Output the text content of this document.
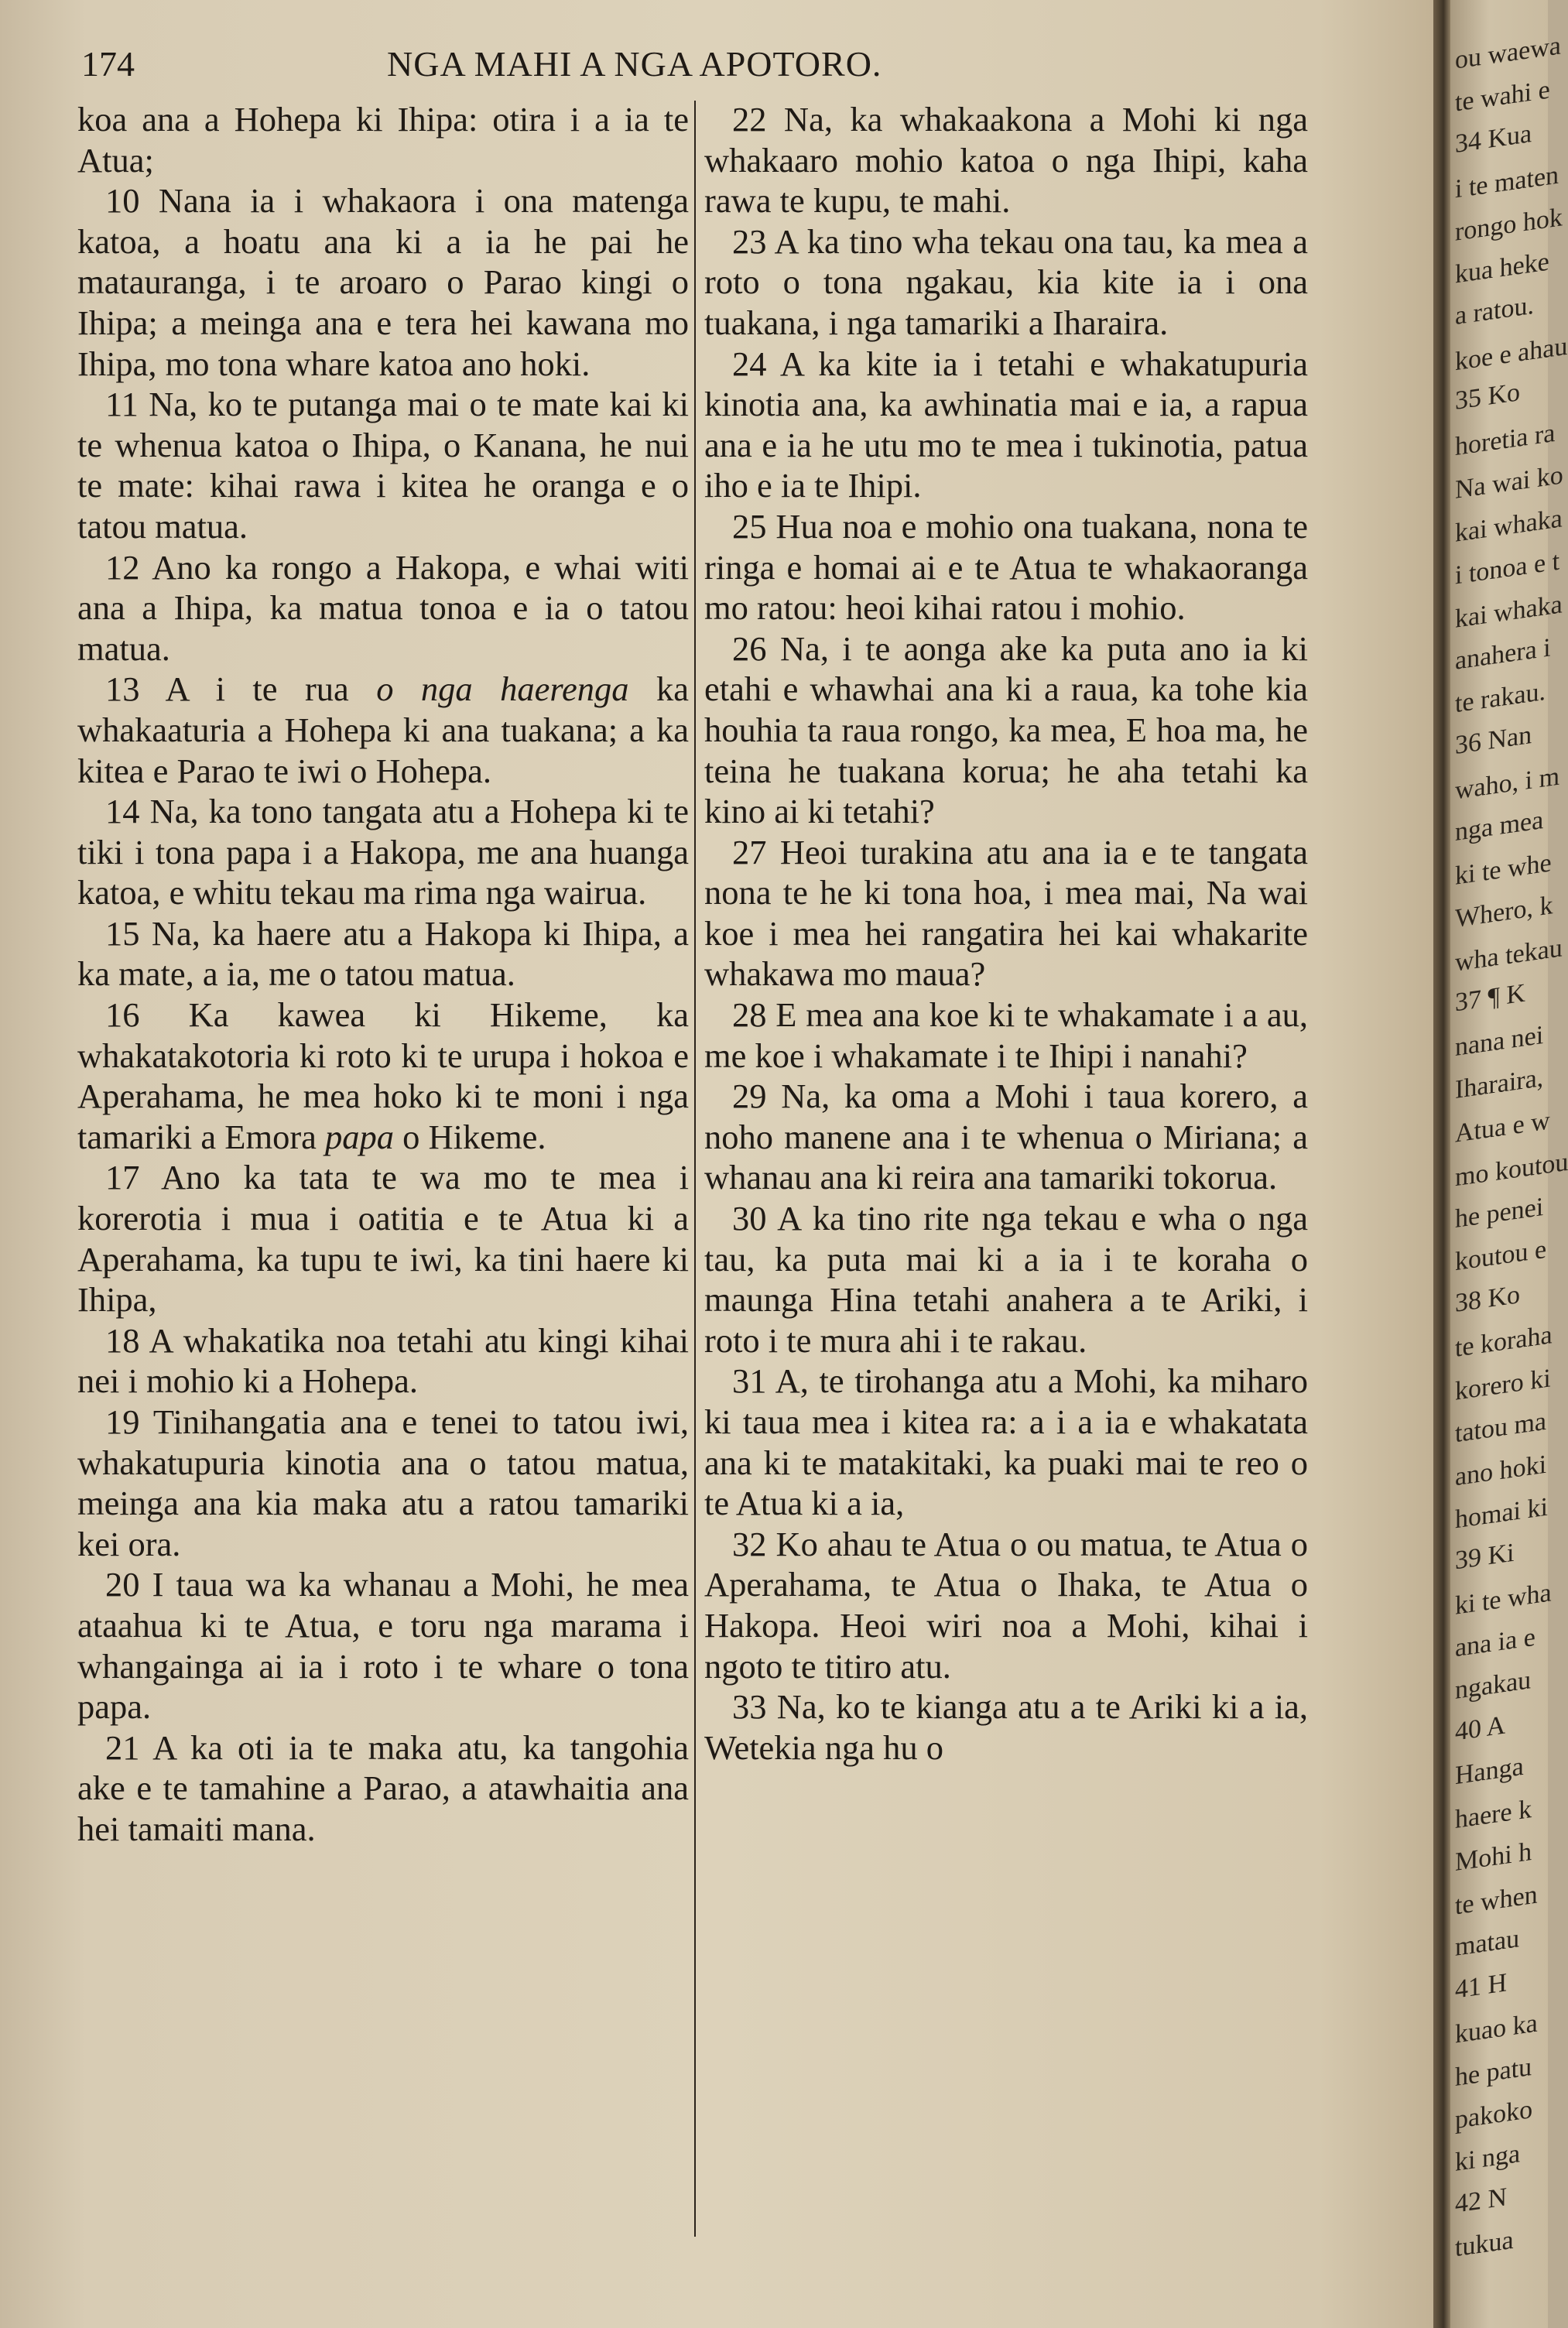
174	NGA MAHI A NGA APOTORO.
koa ana a Hohepa ki Ihipa: otira i a ia te Atua;
10 Nana ia i whakaora i ona matenga katoa, a hoatu ana ki a ia he pai he matauranga, i te aroaro o Parao kingi o Ihipa; a meinga ana e tera hei kawana mo Ihipa, mo tona whare katoa ano hoki.
11 Na, ko te putanga mai o te mate kai ki te whenua katoa o Ihipa, o Kanana, he nui te mate: kihai rawa i kitea he oranga e o tatou matua.
12 Ano ka rongo a Hakopa, e whai witi ana a Ihipa, ka matua tonoa e ia o tatou matua.
13 A i te rua o nga haerenga ka whakaaturia a Hohepa ki ana tuakana; a ka kitea e Parao te iwi o Hohepa.
14 Na, ka tono tangata atu a Hohepa ki te tiki i tona papa i a Hakopa, me ana huanga katoa, e whitu tekau ma rima nga wairua.
15 Na, ka haere atu a Hakopa ki Ihipa, a ka mate, a ia, me o tatou matua.
16 Ka kawea ki Hikeme, ka whakatakotoria ki roto ki te urupa i hokoa e Aperahama, he mea hoko ki te moni i nga tamariki a Emora papa o Hikeme.
17 Ano ka tata te wa mo te mea i korerotia i mua i oatitia e te Atua ki a Aperahama, ka tupu te iwi, ka tini haere ki Ihipa,
18 A whakatika noa tetahi atu kingi kihai nei i mohio ki a Hohepa.
19 Tinihangatia ana e tenei to tatou iwi, whakatupuria kinotia ana o tatou matua, meinga ana kia maka atu a ratou tamariki kei ora.
20 I taua wa ka whanau a Mohi, he mea ataahua ki te Atua, e toru nga marama i whangainga ai ia i roto i te whare o tona papa.
21 A ka oti ia te maka atu, ka tangohia ake e te tamahine a Parao, a atawhaitia ana hei tamaiti mana.
22 Na, ka whakaakona a Mohi ki nga whakaaro mohio katoa o nga Ihipi, kaha rawa te kupu, te mahi.
23 A ka tino wha tekau ona tau, ka mea a roto o tona ngakau, kia kite ia i ona tuakana, i nga tamariki a Iharaira.
24 A ka kite ia i tetahi e whakatupuria kinotia ana, ka awhinatia mai e ia, a rapua ana e ia he utu mo te mea i tukinotia, patua iho e ia te Ihipi.
25 Hua noa e mohio ona tuakana, nona te ringa e homai ai e te Atua te whakaoranga mo ratou: heoi kihai ratou i mohio.
26 Na, i te aonga ake ka puta ano ia ki etahi e whawhai ana ki a raua, ka tohe kia houhia ta raua rongo, ka mea, E hoa ma, he teina he tuakana korua; he aha tetahi ka kino ai ki tetahi?
27 Heoi turakina atu ana ia e te tangata nona te he ki tona hoa, i mea mai, Na wai koe i mea hei rangatira hei kai whakarite whakawa mo maua?
28 E mea ana koe ki te whakamate i a au, me koe i whakamate i te Ihipi i nanahi?
29 Na, ka oma a Mohi i taua korero, a noho manene ana i te whenua o Miriana; a whanau ana ki reira ana tamariki tokorua.
30 A ka tino rite nga tekau e wha o nga tau, ka puta mai ki a ia i te koraha o maunga Hina tetahi anahera a te Ariki, i roto i te mura ahi i te rakau.
31 A, te tirohanga atu a Mohi, ka miharo ki taua mea i kitea ra: a i a ia e whakatata ana ki te matakitaki, ka puaki mai te reo o te Atua ki a ia,
32 Ko ahau te Atua o ou matua, te Atua o Aperahama, te Atua o Ihaka, te Atua o Hakopa. Heoi wiri noa a Mohi, kihai i ngoto te titiro atu.
33 Na, ko te kianga atu a te Ariki ki a ia, Wetekia nga hu o
ou waewa
te wahi e
34 Kua
i te maten
rongo hok
kua heke
a ratou.
koe e ahau
35 Ko
horetia ra
Na wai ko
kai whaka
i tonoa e t
kai whaka
anahera i
te rakau.
36 Nan
waho, i m
nga mea
ki te whe
Whero, k
wha tekau
37 ¶ K
nana nei
Iharaira,
Atua e w
mo koutou
he penei
koutou e
38 Ko
te koraha
korero ki
tatou ma
ano hoki
homai ki
39 Ki
ki te wha
ana ia e
ngakau
40 A
Hanga
haere k
Mohi h
te when
matau
41 H
kuao ka
he patu
pakoko
ki nga
42 N
tukua
